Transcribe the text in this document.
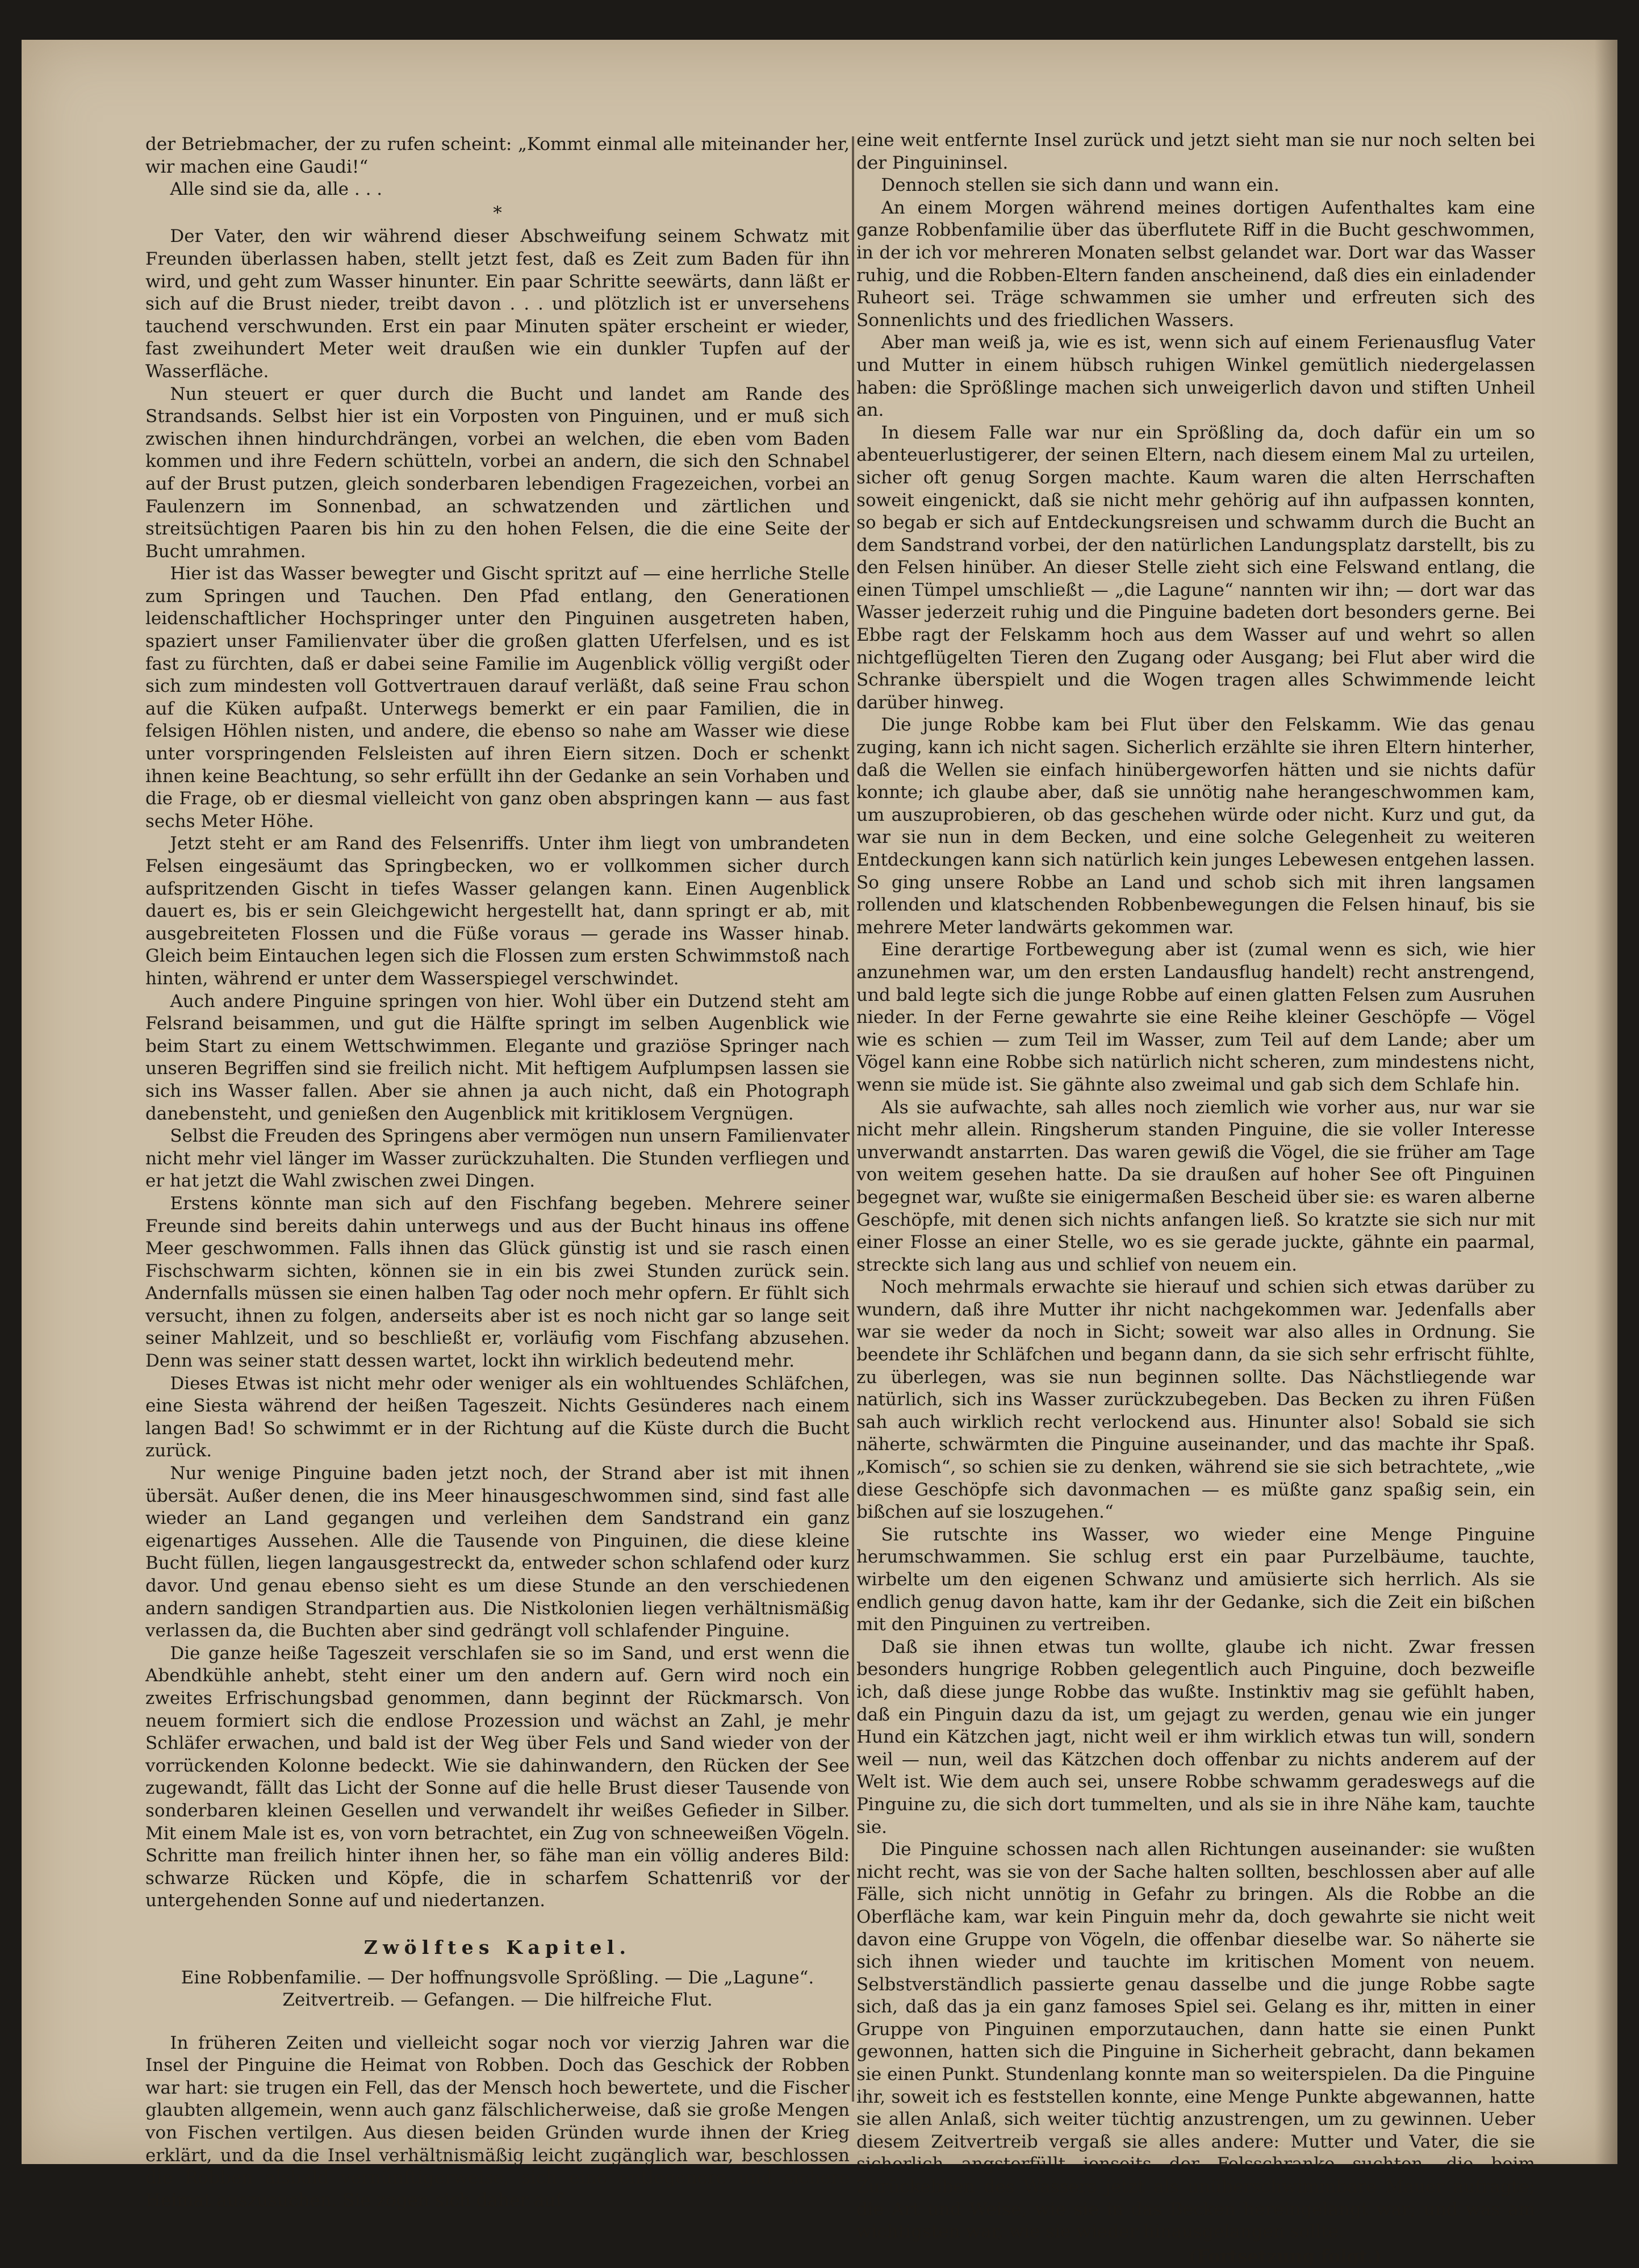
der Betriebmacher, der zu rufen scheint: „Kommt einmal alle miteinander her, wir machen eine Gaudi!“

Alle sind sie da, alle . . .

*

Der Vater, den wir während dieser Abschweifung seinem Schwatz mit Freunden überlassen haben, stellt jetzt fest, daß es Zeit zum Baden für ihn wird, und geht zum Wasser hinunter. Ein paar Schritte seewärts, dann läßt er sich auf die Brust nieder, treibt davon . . . und plötzlich ist er unversehens tauchend verschwunden. Erst ein paar Minuten später erscheint er wieder, fast zweihundert Meter weit draußen wie ein dunkler Tupfen auf der Wasserfläche.

Nun steuert er quer durch die Bucht und landet am Rande des Strandsands. Selbst hier ist ein Vorposten von Pinguinen, und er muß sich zwischen ihnen hindurchdrängen, vorbei an welchen, die eben vom Baden kommen und ihre Federn schütteln, vorbei an andern, die sich den Schnabel auf der Brust putzen, gleich sonderbaren lebendigen Fragezeichen, vorbei an Faulenzern im Sonnenbad, an schwatzenden und zärtlichen und streitsüchtigen Paaren bis hin zu den hohen Felsen, die die eine Seite der Bucht umrahmen.

Hier ist das Wasser bewegter und Gischt spritzt auf — eine herrliche Stelle zum Springen und Tauchen. Den Pfad entlang, den Generationen leidenschaftlicher Hochspringer unter den Pinguinen ausgetreten haben, spaziert unser Familienvater über die großen glatten Uferfelsen, und es ist fast zu fürchten, daß er dabei seine Familie im Augenblick völlig vergißt oder sich zum mindesten voll Gottvertrauen darauf verläßt, daß seine Frau schon auf die Küken aufpaßt. Unterwegs bemerkt er ein paar Familien, die in felsigen Höhlen nisten, und andere, die ebenso so nahe am Wasser wie diese unter vorspringenden Felsleisten auf ihren Eiern sitzen. Doch er schenkt ihnen keine Beachtung, so sehr erfüllt ihn der Gedanke an sein Vorhaben und die Frage, ob er diesmal vielleicht von ganz oben abspringen kann — aus fast sechs Meter Höhe.

Jetzt steht er am Rand des Felsenriffs. Unter ihm liegt von umbrandeten Felsen eingesäumt das Springbecken, wo er vollkommen sicher durch aufspritzenden Gischt in tiefes Wasser gelangen kann. Einen Augenblick dauert es, bis er sein Gleichgewicht hergestellt hat, dann springt er ab, mit ausgebreiteten Flossen und die Füße voraus — gerade ins Wasser hinab. Gleich beim Eintauchen legen sich die Flossen zum ersten Schwimmstoß nach hinten, während er unter dem Wasserspiegel verschwindet.

Auch andere Pinguine springen von hier. Wohl über ein Dutzend steht am Felsrand beisammen, und gut die Hälfte springt im selben Augenblick wie beim Start zu einem Wettschwimmen. Elegante und graziöse Springer nach unseren Begriffen sind sie freilich nicht. Mit heftigem Aufplumpsen lassen sie sich ins Wasser fallen. Aber sie ahnen ja auch nicht, daß ein Photograph danebensteht, und genießen den Augenblick mit kritiklosem Vergnügen.

Selbst die Freuden des Springens aber vermögen nun unsern Familienvater nicht mehr viel länger im Wasser zurückzuhalten. Die Stunden verfliegen und er hat jetzt die Wahl zwischen zwei Dingen.

Erstens könnte man sich auf den Fischfang begeben. Mehrere seiner Freunde sind bereits dahin unterwegs und aus der Bucht hinaus ins offene Meer geschwommen. Falls ihnen das Glück günstig ist und sie rasch einen Fischschwarm sichten, können sie in ein bis zwei Stunden zurück sein. Andernfalls müssen sie einen halben Tag oder noch mehr opfern. Er fühlt sich versucht, ihnen zu folgen, anderseits aber ist es noch nicht gar so lange seit seiner Mahlzeit, und so beschließt er, vorläufig vom Fischfang abzusehen. Denn was seiner statt dessen wartet, lockt ihn wirklich bedeutend mehr.

Dieses Etwas ist nicht mehr oder weniger als ein wohltuendes Schläfchen, eine Siesta während der heißen Tageszeit. Nichts Gesünderes nach einem langen Bad! So schwimmt er in der Richtung auf die Küste durch die Bucht zurück.

Nur wenige Pinguine baden jetzt noch, der Strand aber ist mit ihnen übersät. Außer denen, die ins Meer hinausgeschwommen sind, sind fast alle wieder an Land gegangen und verleihen dem Sandstrand ein ganz eigenartiges Aussehen. Alle die Tausende von Pinguinen, die diese kleine Bucht füllen, liegen langausgestreckt da, entweder schon schlafend oder kurz davor. Und genau ebenso sieht es um diese Stunde an den verschiedenen andern sandigen Strandpartien aus. Die Nistkolonien liegen verhältnismäßig verlassen da, die Buchten aber sind gedrängt voll schlafender Pinguine.

Die ganze heiße Tageszeit verschlafen sie so im Sand, und erst wenn die Abendkühle anhebt, steht einer um den andern auf. Gern wird noch ein zweites Erfrischungsbad genommen, dann beginnt der Rückmarsch. Von neuem formiert sich die endlose Prozession und wächst an Zahl, je mehr Schläfer erwachen, und bald ist der Weg über Fels und Sand wieder von der vorrückenden Kolonne bedeckt. Wie sie dahinwandern, den Rücken der See zugewandt, fällt das Licht der Sonne auf die helle Brust dieser Tausende von sonderbaren kleinen Gesellen und verwandelt ihr weißes Gefieder in Silber. Mit einem Male ist es, von vorn betrachtet, ein Zug von schneeweißen Vögeln. Schritte man freilich hinter ihnen her, so fähe man ein völlig anderes Bild: schwarze Rücken und Köpfe, die in scharfem Schattenriß vor der untergehenden Sonne auf und niedertanzen.

Zwölftes Kapitel.

Eine Robbenfamilie. — Der hoffnungsvolle Sprößling. — Die „Lagune“.

Zeitvertreib. — Gefangen. — Die hilfreiche Flut.

In früheren Zeiten und vielleicht sogar noch vor vierzig Jahren war die Insel der Pinguine die Heimat von Robben. Doch das Geschick der Robben war hart: sie trugen ein Fell, das der Mensch hoch bewertete, und die Fischer glaubten allgemein, wenn auch ganz fälschlicherweise, daß sie große Mengen von Fischen vertilgen. Aus diesen beiden Gründen wurde ihnen der Krieg erklärt, und da die Insel verhältnismäßig leicht zugänglich war, beschlossen die Robben alsbald vernünftigerweise, sich eine entlegenere und sichere Heimat auszusuchen. Sie zogen sich daher auf

eine weit entfernte Insel zurück und jetzt sieht man sie nur noch selten bei der Pinguininsel.

Dennoch stellen sie sich dann und wann ein.

An einem Morgen während meines dortigen Aufenthaltes kam eine ganze Robbenfamilie über das überflutete Riff in die Bucht geschwommen, in der ich vor mehreren Monaten selbst gelandet war. Dort war das Wasser ruhig, und die Robben-Eltern fanden anscheinend, daß dies ein einladender Ruheort sei. Träge schwammen sie umher und erfreuten sich des Sonnenlichts und des friedlichen Wassers.

Aber man weiß ja, wie es ist, wenn sich auf einem Ferienausflug Vater und Mutter in einem hübsch ruhigen Winkel gemütlich niedergelassen haben: die Sprößlinge machen sich unweigerlich davon und stiften Unheil an.

In diesem Falle war nur ein Sprößling da, doch dafür ein um so abenteuerlustigerer, der seinen Eltern, nach diesem einem Mal zu urteilen, sicher oft genug Sorgen machte. Kaum waren die alten Herrschaften soweit eingenickt, daß sie nicht mehr gehörig auf ihn aufpassen konnten, so begab er sich auf Entdeckungsreisen und schwamm durch die Bucht an dem Sandstrand vorbei, der den natürlichen Landungsplatz darstellt, bis zu den Felsen hinüber. An dieser Stelle zieht sich eine Felswand entlang, die einen Tümpel umschließt — „die Lagune“ nannten wir ihn; — dort war das Wasser jederzeit ruhig und die Pinguine badeten dort besonders gerne. Bei Ebbe ragt der Felskamm hoch aus dem Wasser auf und wehrt so allen nichtgeflügelten Tieren den Zugang oder Ausgang; bei Flut aber wird die Schranke überspielt und die Wogen tragen alles Schwimmende leicht darüber hinweg.

Die junge Robbe kam bei Flut über den Felskamm. Wie das genau zuging, kann ich nicht sagen. Sicherlich erzählte sie ihren Eltern hinterher, daß die Wellen sie einfach hinübergeworfen hätten und sie nichts dafür konnte; ich glaube aber, daß sie unnötig nahe herangeschwommen kam, um auszuprobieren, ob das geschehen würde oder nicht. Kurz und gut, da war sie nun in dem Becken, und eine solche Gelegenheit zu weiteren Entdeckungen kann sich natürlich kein junges Lebewesen entgehen lassen. So ging unsere Robbe an Land und schob sich mit ihren langsamen rollenden und klatschenden Robbenbewegungen die Felsen hinauf, bis sie mehrere Meter landwärts gekommen war.

Eine derartige Fortbewegung aber ist (zumal wenn es sich, wie hier anzunehmen war, um den ersten Landausflug handelt) recht anstrengend, und bald legte sich die junge Robbe auf einen glatten Felsen zum Ausruhen nieder. In der Ferne gewahrte sie eine Reihe kleiner Geschöpfe — Vögel wie es schien — zum Teil im Wasser, zum Teil auf dem Lande; aber um Vögel kann eine Robbe sich natürlich nicht scheren, zum mindestens nicht, wenn sie müde ist. Sie gähnte also zweimal und gab sich dem Schlafe hin.

Als sie aufwachte, sah alles noch ziemlich wie vorher aus, nur war sie nicht mehr allein. Ringsherum standen Pinguine, die sie voller Interesse unverwandt anstarrten. Das waren gewiß die Vögel, die sie früher am Tage von weitem gesehen hatte. Da sie draußen auf hoher See oft Pinguinen begegnet war, wußte sie einigermaßen Bescheid über sie: es waren alberne Geschöpfe, mit denen sich nichts anfangen ließ. So kratzte sie sich nur mit einer Flosse an einer Stelle, wo es sie gerade juckte, gähnte ein paarmal, streckte sich lang aus und schlief von neuem ein.

Noch mehrmals erwachte sie hierauf und schien sich etwas darüber zu wundern, daß ihre Mutter ihr nicht nachgekommen war. Jedenfalls aber war sie weder da noch in Sicht; soweit war also alles in Ordnung. Sie beendete ihr Schläfchen und begann dann, da sie sich sehr erfrischt fühlte, zu überlegen, was sie nun beginnen sollte. Das Nächstliegende war natürlich, sich ins Wasser zurückzubegeben. Das Becken zu ihren Füßen sah auch wirklich recht verlockend aus. Hinunter also! Sobald sie sich näherte, schwärmten die Pinguine auseinander, und das machte ihr Spaß. „Komisch“, so schien sie zu denken, während sie sie sich betrachtete, „wie diese Geschöpfe sich davonmachen — es müßte ganz spaßig sein, ein bißchen auf sie loszugehen.“

Sie rutschte ins Wasser, wo wieder eine Menge Pinguine herumschwammen. Sie schlug erst ein paar Purzelbäume, tauchte, wirbelte um den eigenen Schwanz und amüsierte sich herrlich. Als sie endlich genug davon hatte, kam ihr der Gedanke, sich die Zeit ein bißchen mit den Pinguinen zu vertreiben.

Daß sie ihnen etwas tun wollte, glaube ich nicht. Zwar fressen besonders hungrige Robben gelegentlich auch Pinguine, doch bezweifle ich, daß diese junge Robbe das wußte. Instinktiv mag sie gefühlt haben, daß ein Pinguin dazu da ist, um gejagt zu werden, genau wie ein junger Hund ein Kätzchen jagt, nicht weil er ihm wirklich etwas tun will, sondern weil — nun, weil das Kätzchen doch offenbar zu nichts anderem auf der Welt ist. Wie dem auch sei, unsere Robbe schwamm geradeswegs auf die Pinguine zu, die sich dort tummelten, und als sie in ihre Nähe kam, tauchte sie.

Die Pinguine schossen nach allen Richtungen auseinander: sie wußten nicht recht, was sie von der Sache halten sollten, beschlossen aber auf alle Fälle, sich nicht unnötig in Gefahr zu bringen. Als die Robbe an die Oberfläche kam, war kein Pinguin mehr da, doch gewahrte sie nicht weit davon eine Gruppe von Vögeln, die offenbar dieselbe war. So näherte sie sich ihnen wieder und tauchte im kritischen Moment von neuem. Selbstverständlich passierte genau dasselbe und die junge Robbe sagte sich, daß das ja ein ganz famoses Spiel sei. Gelang es ihr, mitten in einer Gruppe von Pinguinen emporzutauchen, dann hatte sie einen Punkt gewonnen, hatten sich die Pinguine in Sicherheit gebracht, dann bekamen sie einen Punkt. Stundenlang konnte man so weiterspielen. Da die Pinguine ihr, soweit ich es feststellen konnte, eine Menge Punkte abgewannen, hatte sie allen Anlaß, sich weiter tüchtig anzustrengen, um zu gewinnen. Ueber diesem Zeitvertreib vergaß sie alles andere: Mutter und Vater, die sie sicherlich angsterfüllt jenseits der Felsschranke suchten, die beim Zurückebben des Wassers jetzt als unüberschwimmbare Mauer aufragte; die Art und Weise, wie sie in das Becken hereingelangt war; und was am wichtigsten war, wie sie wieder hinausgelangen sollte.

(Fortsetzung folgt.)
